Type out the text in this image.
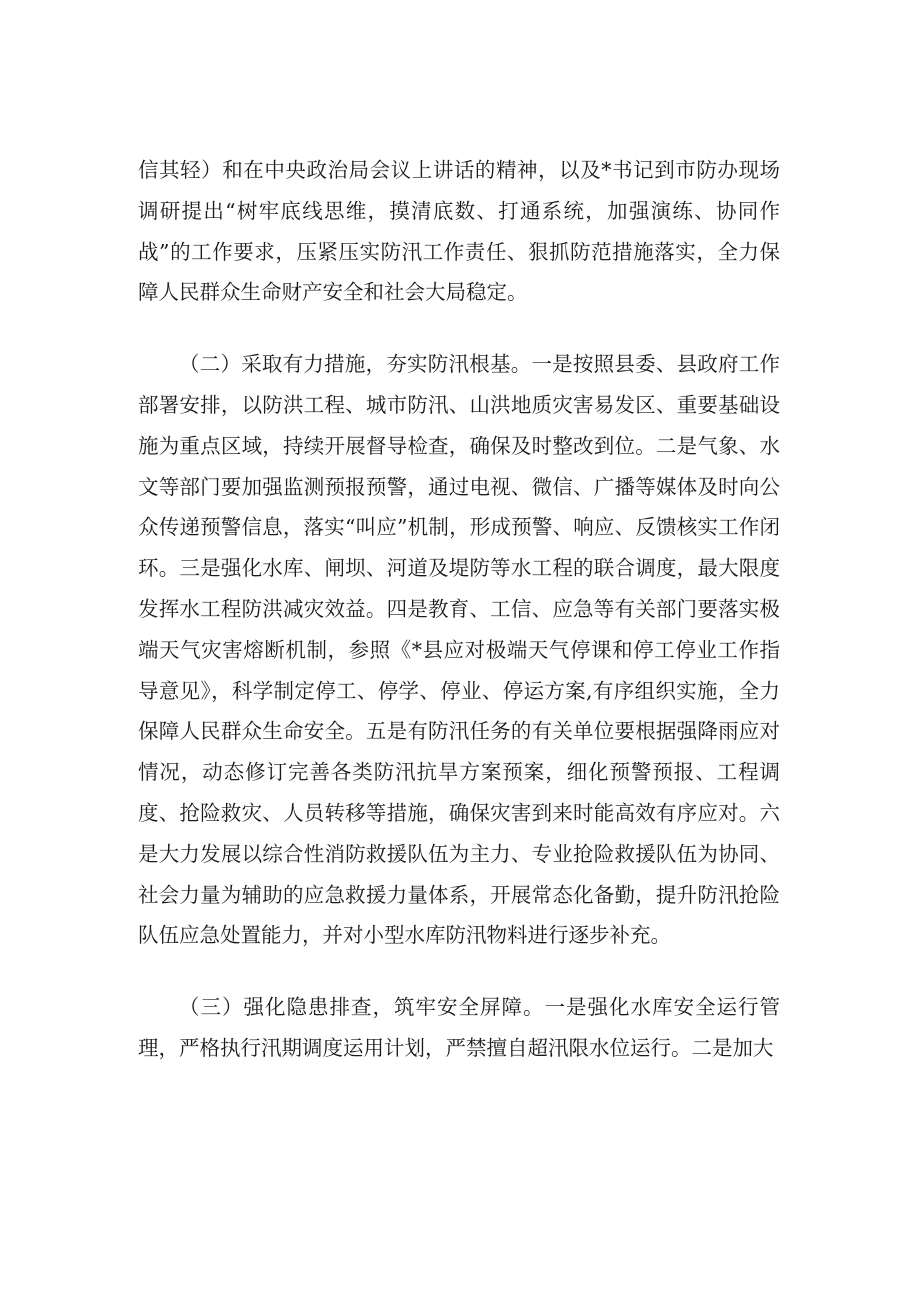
信其轻）和在中央政治局会议上讲话的精神，以及*书记到市防办现场调研提出“树牢底线思维，摸清底数、打通系统，加强演练、协同作战”的工作要求，压紧压实防汛工作责任、狠抓防范措施落实，全力保障人民群众生命财产安全和社会大局稳定。

（二）采取有力措施，夯实防汛根基。一是按照县委、县政府工作部署安排，以防洪工程、城市防汛、山洪地质灾害易发区、重要基础设施为重点区域，持续开展督导检查，确保及时整改到位。二是气象、水文等部门要加强监测预报预警，通过电视、微信、广播等媒体及时向公众传递预警信息，落实“叫应”机制，形成预警、响应、反馈核实工作闭环。三是强化水库、闸坝、河道及堤防等水工程的联合调度，最大限度发挥水工程防洪减灾效益。四是教育、工信、应急等有关部门要落实极端天气灾害熔断机制，参照《*县应对极端天气停课和停工停业工作指导意见》，科学制定停工、停学、停业、停运方案,有序组织实施，全力保障人民群众生命安全。五是有防汛任务的有关单位要根据强降雨应对情况，动态修订完善各类防汛抗旱方案预案，细化预警预报、工程调度、抢险救灾、人员转移等措施，确保灾害到来时能高效有序应对。六是大力发展以综合性消防救援队伍为主力、专业抢险救援队伍为协同、社会力量为辅助的应急救援力量体系，开展常态化备勤，提升防汛抢险队伍应急处置能力，并对小型水库防汛物料进行逐步补充。

（三）强化隐患排查，筑牢安全屏障。一是强化水库安全运行管理，严格执行汛期调度运用计划，严禁擅自超汛限水位运行。二是加大
